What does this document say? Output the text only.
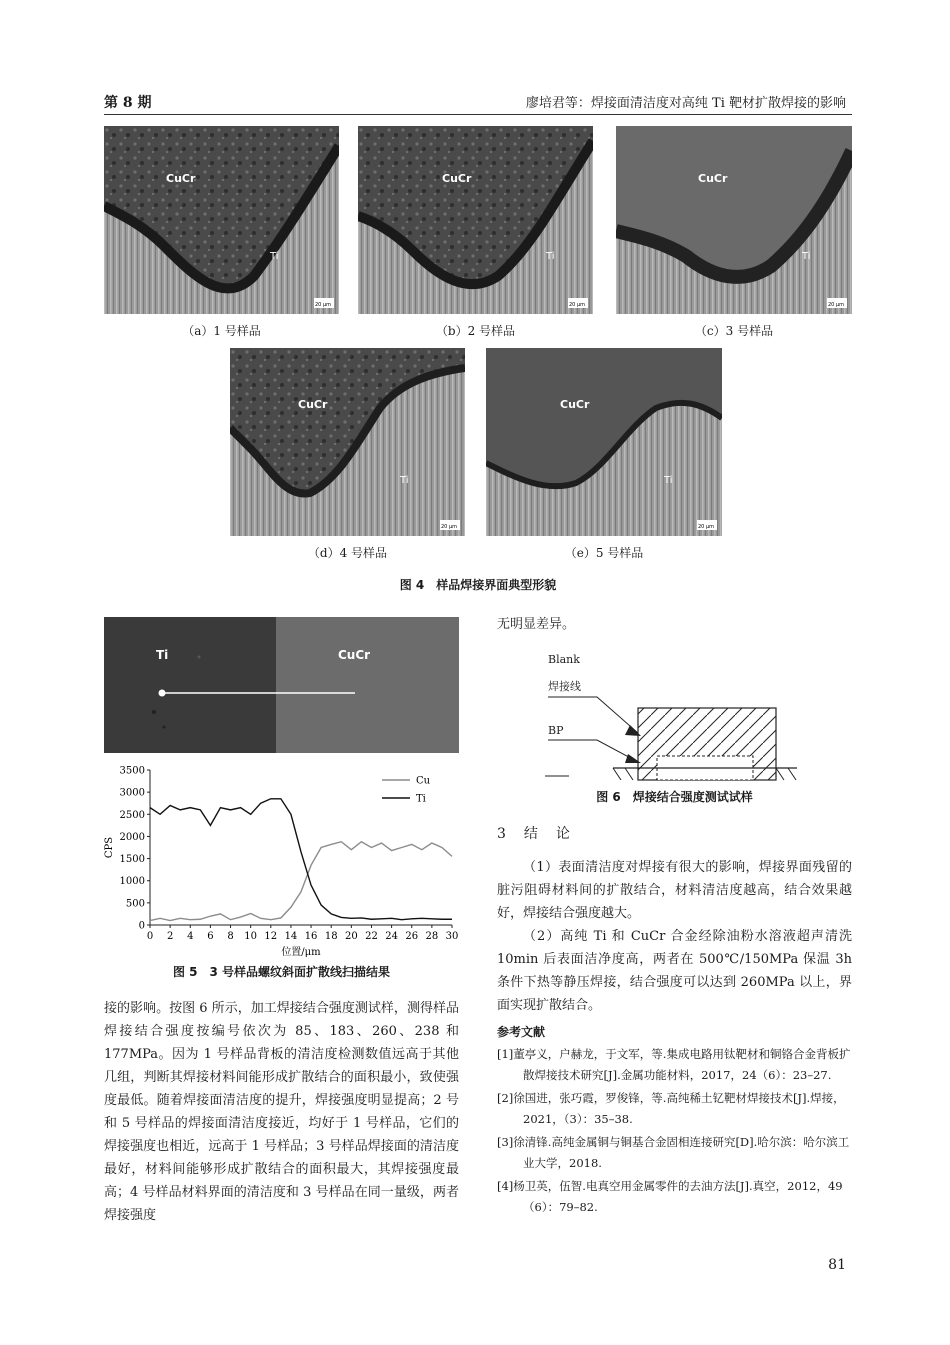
第 8 期	廖培君等：焊接面清洁度对高纯 Ti 靶材扩散焊接的影响
CuCr
Ti
20 μm
（a）1 号样品
CuCr
Ti
20 μm
（b）2 号样品
CuCr
Ti
20 μm
（c）3 号样品
CuCr
Ti
20 μm
（d）4 号样品
CuCr
Ti
20 μm
（e）5 号样品
图 4　样品焊接界面典型形貌
Ti	CuCr
0
500
1000
1500
2000
2500
3000
3500
0 2 4 6 8 10 12 14 16 18 20 22 24 26 28 30
位置/μm
CPS
Cu
Ti
图 5　3 号样品螺纹斜面扩散线扫描结果
接的影响。按图 6 所示，加工焊接结合强度测试样，测得样品焊接结合强度按编号依次为 85、183、260、238 和 177MPa。因为 1 号样品背板的清洁度检测数值远高于其他几组，判断其焊接材料间能形成扩散结合的面积最小，致使强度最低。随着焊接面清洁度的提升，焊接强度明显提高；2 号和 5 号样品的焊接面清洁度接近，均好于 1 号样品，它们的焊接强度也相近，远高于 1 号样品；3 号样品焊接面的清洁度最好，材料间能够形成扩散结合的面积最大，其焊接强度最高；4 号样品材料界面的清洁度和 3 号样品在同一量级，两者焊接强度
无明显差异。
Blank
焊接线
BP
图 6　焊接结合强度测试试样
3　结　论

（1）表面清洁度对焊接有很大的影响，焊接界面残留的脏污阻碍材料间的扩散结合，材料清洁度越高，结合效果越好，焊接结合强度越大。

（2）高纯 Ti 和 CuCr 合金经除油粉水溶液超声清洗 10min 后表面洁净度高，两者在 500℃/150MPa 保温 3h 条件下热等静压焊接，结合强度可以达到 260MPa 以上，界面实现扩散结合。

参考文献
[1]董亭义，户赫龙，于文军，等.集成电路用钛靶材和铜铬合金背板扩散焊接技术研究[J].金属功能材料，2017，24（6）：23–27.
[2]徐国进，张巧霞，罗俊锋，等.高纯稀土钇靶材焊接技术[J].焊接，2021，（3）：35–38.
[3]徐清锋.高纯金属铜与铜基合金固相连接研究[D].哈尔滨：哈尔滨工业大学，2018.
[4]杨卫英，伍智.电真空用金属零件的去油方法[J].真空，2012，49（6）：79–82.
81
